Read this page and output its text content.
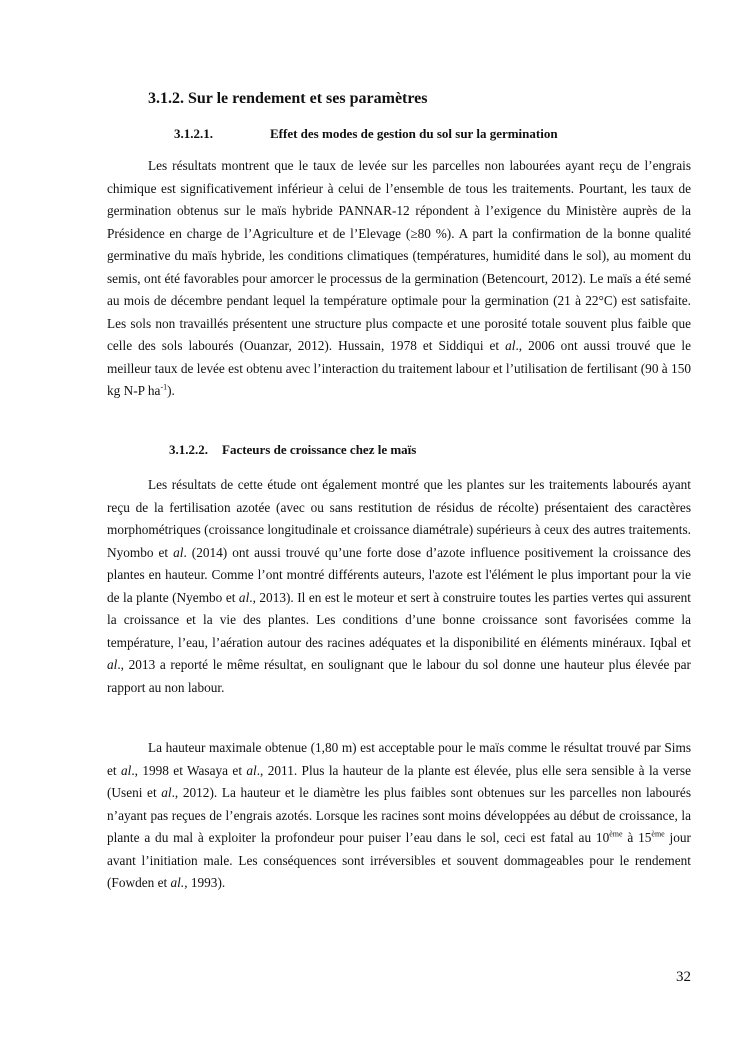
3.1.2. Sur le rendement et ses paramètres
3.1.2.1.	Effet des modes de gestion du sol sur la germination

Les résultats montrent que le taux de levée sur les parcelles non labourées ayant reçu de l’engrais chimique est significativement inférieur à celui de l’ensemble de tous les traitements. Pourtant, les taux de germination obtenus sur le maïs hybride PANNAR-12 répondent à l’exigence du Ministère auprès de la Présidence en charge de l’Agriculture et de l’Elevage (≥80 %). A part la confirmation de la bonne qualité germinative du maïs hybride, les conditions climatiques (températures, humidité dans le sol), au moment du semis, ont été favorables pour amorcer le processus de la germination (Betencourt, 2012). Le maïs a été semé au mois de décembre pendant lequel la température optimale pour la germination (21 à 22°C) est satisfaite. Les sols non travaillés présentent une structure plus compacte et une porosité totale souvent plus faible que celle des sols labourés (Ouanzar, 2012). Hussain, 1978 et Siddiqui et al., 2006 ont aussi trouvé que le meilleur taux de levée est obtenu avec l’interaction du traitement labour et l’utilisation de fertilisant (90 à 150 kg N-P $ha^{-1}$).

3.1.2.2. Facteurs de croissance chez le maïs

Les résultats de cette étude ont également montré que les plantes sur les traitements labourés ayant reçu de la fertilisation azotée (avec ou sans restitution de résidus de récolte) présentaient des caractères morphométriques (croissance longitudinale et croissance diamétrale) supérieurs à ceux des autres traitements. Nyombo et al. (2014) ont aussi trouvé qu’une forte dose d’azote influence positivement la croissance des plantes en hauteur. Comme l’ont montré différents auteurs, l'azote est l'élément le plus important pour la vie de la plante (Nyembo et al., 2013). Il en est le moteur et sert à construire toutes les parties vertes qui assurent la croissance et la vie des plantes. Les conditions d’une bonne croissance sont favorisées comme la température, l’eau, l’aération autour des racines adéquates et la disponibilité en éléments minéraux. Iqbal et al., 2013 a reporté le même résultat, en soulignant que le labour du sol donne une hauteur plus élevée par rapport au non labour.

La hauteur maximale obtenue (1,80 m) est acceptable pour le maïs comme le résultat trouvé par Sims et al., 1998 et Wasaya et al., 2011. Plus la hauteur de la plante est élevée, plus elle sera sensible à la verse (Useni et al., 2012). La hauteur et le diamètre les plus faibles sont obtenues sur les parcelles non labourés n’ayant pas reçues de l’engrais azotés. Lorsque les racines sont moins développées au début de croissance, la plante a du mal à exploiter la profondeur pour puiser l’eau dans le sol, ceci est fatal au 10ème à 15ème jour avant l’initiation male. Les conséquences sont irréversibles et souvent dommageables pour le rendement (Fowden et al., 1993).

32
